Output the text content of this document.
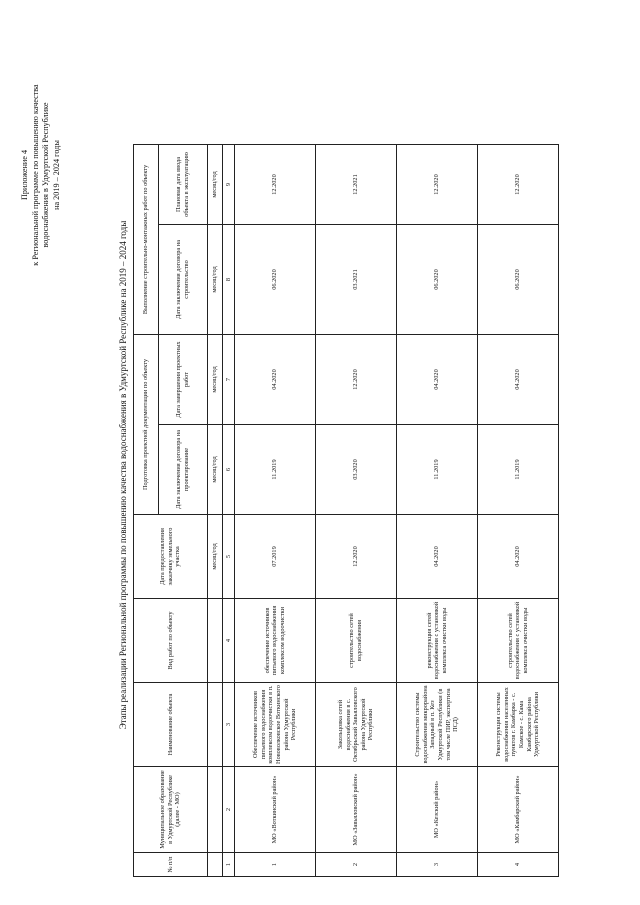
Приложение 4 к Региональной программе по повышению качества водоснабжения в Удмуртской Республике на 2019 – 2024 годы
Этапы реализации Региональной программы по повышению качества водоснабжения в Удмуртской Республике на 2019 – 2024 годы
№ п/п	Муниципальное образование в Удмуртской Республике (далее - МО)	Наименование объекта	Вид работ по объекту	Дата предоставления заказчику земельного участка	Подготовка проектной документации по объекту		Выполнение строительно-монтажных работ по объекту	
					Дата заключения договора на проектирование	Дата завершения проектных работ	Дата заключения договора на строительство	Плановая дата ввода объекта в эксплуатацию
				месяц/год	месяц/год	месяц/год	месяц/год	месяц/год
1	2	3	4	5	6	7	8	9
1	МО «Воткинский район»	Обеспечение источников питьевого водоснабжения комплексом водоочистки в п. Нововолковское Воткинского района Удмуртской Республики	обеспечение источников питьевого водоснабжения комплексом водоочистки	07.2019	11.2019	04.2020	06.2020	12.2020
2	МО «Завьяловский район»	Закольцовка сетей водоснабжения в с. Октябрьский Завьяловского района Удмуртской Республики	строительство сетей водоснабжения	12.2020	03.2020	12.2020	03.2021	12.2021
3	МО «Кезский район»	Строительство системы водоснабжения микрорайона Западный в п. Кез Удмуртской Республики (в том числе ПИР, экспертиза ПСД)	реконструкция сетей водоснабжения с установкой комплекса очистки воды	04.2020	11.2019	04.2020	06.2020	12.2020
4	МО «Камбарский район»	Реконструкция системы водоснабжения населенных пунктов г. Камбарка - с. Камское - с. Кама Камбарского района Удмуртской Республики	строительство сетей водоснабжения с установкой комплекса очистки воды	04.2020	11.2019	04.2020	06.2020	12.2020
